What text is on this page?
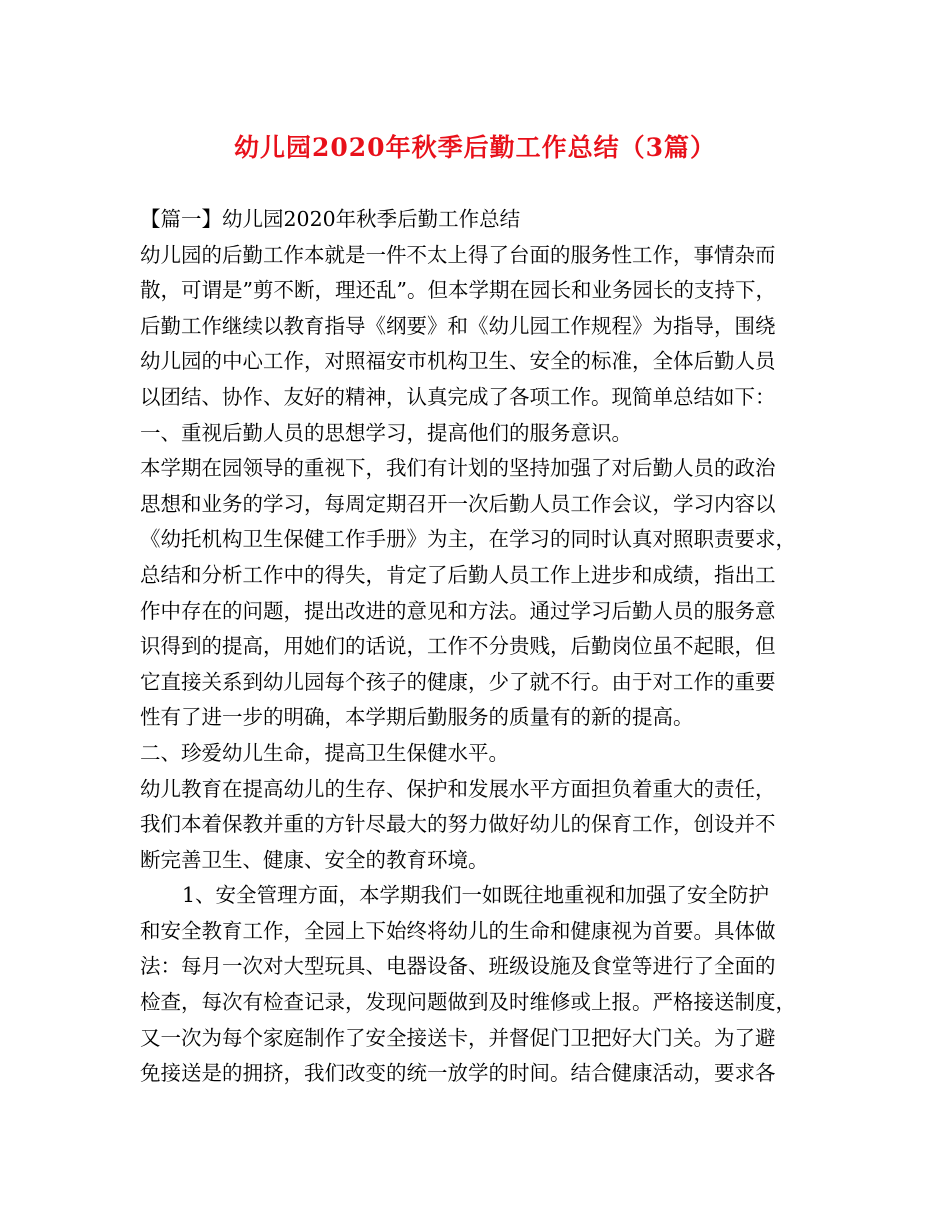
幼儿园2020年秋季后勤工作总结（3篇）
【篇一】幼儿园2020年秋季后勤工作总结
幼儿园的后勤工作本就是一件不太上得了台面的服务性工作，事情杂而
散，可谓是”剪不断，理还乱”。但本学期在园长和业务园长的支持下，
后勤工作继续以教育指导《纲要》和《幼儿园工作规程》为指导，围绕
幼儿园的中心工作，对照福安市机构卫生、安全的标准，全体后勤人员
以团结、协作、友好的精神，认真完成了各项工作。现简单总结如下：
一、重视后勤人员的思想学习，提高他们的服务意识。
本学期在园领导的重视下，我们有计划的坚持加强了对后勤人员的政治
思想和业务的学习，每周定期召开一次后勤人员工作会议，学习内容以
《幼托机构卫生保健工作手册》为主，在学习的同时认真对照职责要求，
总结和分析工作中的得失，肯定了后勤人员工作上进步和成绩，指出工
作中存在的问题，提出改进的意见和方法。通过学习后勤人员的服务意
识得到的提高，用她们的话说，工作不分贵贱，后勤岗位虽不起眼，但
它直接关系到幼儿园每个孩子的健康，少了就不行。由于对工作的重要
性有了进一步的明确，本学期后勤服务的质量有的新的提高。
二、珍爱幼儿生命，提高卫生保健水平。
幼儿教育在提高幼儿的生存、保护和发展水平方面担负着重大的责任，
我们本着保教并重的方针尽最大的努力做好幼儿的保育工作，创设并不
断完善卫生、健康、安全的教育环境。
1、安全管理方面，本学期我们一如既往地重视和加强了安全防护
和安全教育工作，全园上下始终将幼儿的生命和健康视为首要。具体做
法：每月一次对大型玩具、电器设备、班级设施及食堂等进行了全面的
检查，每次有检查记录，发现问题做到及时维修或上报。严格接送制度，
又一次为每个家庭制作了安全接送卡，并督促门卫把好大门关。为了避
免接送是的拥挤，我们改变的统一放学的时间。结合健康活动，要求各
